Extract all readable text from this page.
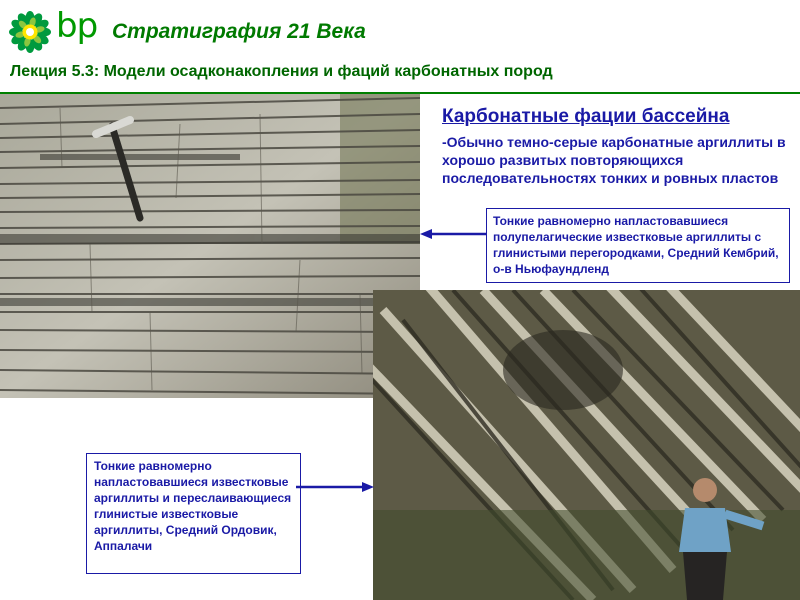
bp Стратиграфия 21 Века
Лекция 5.3: Модели осадконакопления и фаций карбонатных пород
Карбонатные фации бассейна
-Обычно темно-серые карбонатные аргиллиты в хорошо развитых повторяющихся последовательностях тонких и ровных пластов
Тонкие равномерно напластовавшиеся полупелагические известковые аргиллиты с глинистыми перегородками, Средний Кембрий, о-в Ньюфаундленд
Тонкие равномерно напластовавшиеся известковые аргиллиты и переслаивающиеся глинистые известковые аргиллиты, Средний Ордовик, Аппалачи
